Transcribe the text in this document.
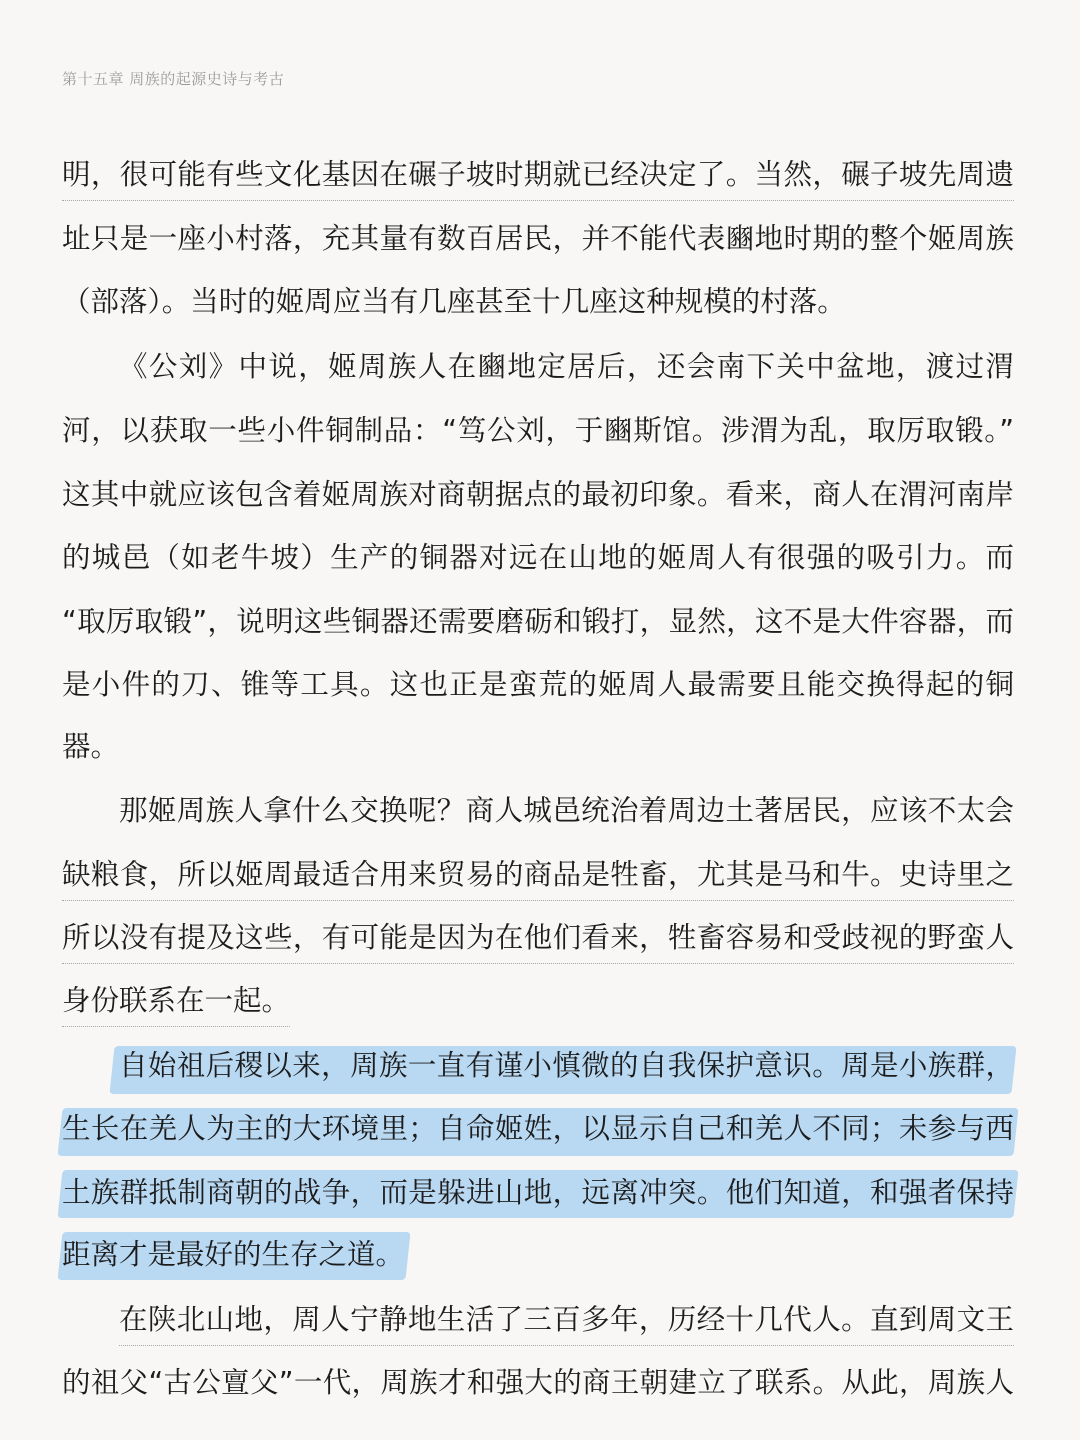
第十五章 周族的起源史诗与考古
明，很可能有些文化基因在碾子坡时期就已经决定了。当然，碾子坡先周遗
址只是一座小村落，充其量有数百居民，并不能代表豳地时期的整个姬周族
（部落）。当时的姬周应当有几座甚至十几座这种规模的村落。
《公刘》中说，姬周族人在豳地定居后，还会南下关中盆地，渡过渭
河，以获取一些小件铜制品：“笃公刘，于豳斯馆。涉渭为乱，取厉取锻。”
这其中就应该包含着姬周族对商朝据点的最初印象。看来，商人在渭河南岸
的城邑（如老牛坡）生产的铜器对远在山地的姬周人有很强的吸引力。而
“取厉取锻”，说明这些铜器还需要磨砺和锻打，显然，这不是大件容器，而
是小件的刀、锥等工具。这也正是蛮荒的姬周人最需要且能交换得起的铜
器。
那姬周族人拿什么交换呢？商人城邑统治着周边土著居民，应该不太会
缺粮食，所以姬周最适合用来贸易的商品是牲畜，尤其是马和牛。史诗里之
所以没有提及这些，有可能是因为在他们看来，牲畜容易和受歧视的野蛮人
身份联系在一起。
自始祖后稷以来，周族一直有谨小慎微的自我保护意识。周是小族群，
生长在羌人为主的大环境里；自命姬姓，以显示自己和羌人不同；未参与西
土族群抵制商朝的战争，而是躲进山地，远离冲突。他们知道，和强者保持
距离才是最好的生存之道。
在陕北山地，周人宁静地生活了三百多年，历经十几代人。直到周文王
的祖父“古公亶父”一代，周族才和强大的商王朝建立了联系。从此，周族人
